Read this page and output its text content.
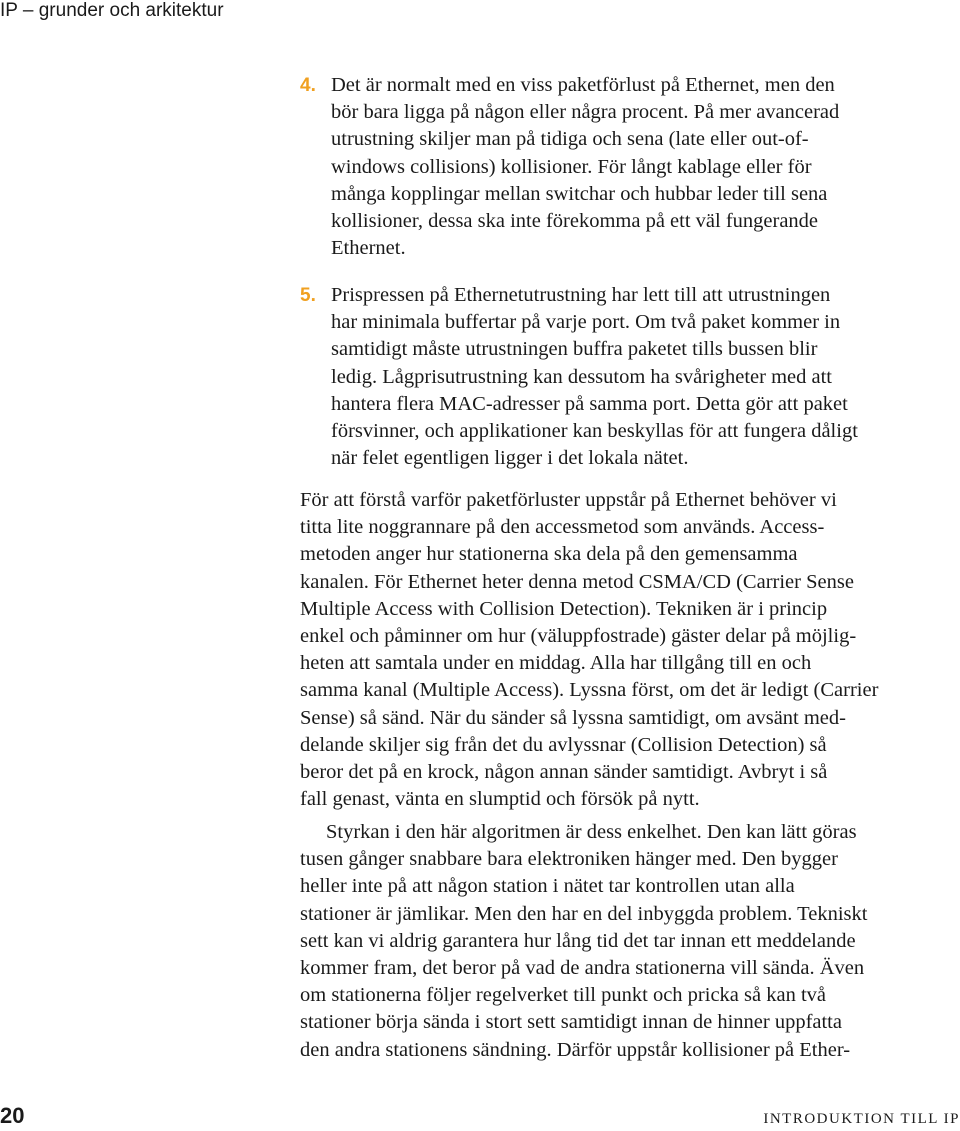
IP – grunder och arkitektur
4. Det är normalt med en viss paketförlust på Ethernet, men den
bör bara ligga på någon eller några procent. På mer avancerad
utrustning skiljer man på tidiga och sena (late eller out-of-
windows collisions) kollisioner. För långt kablage eller för
många kopplingar mellan switchar och hubbar leder till sena
kollisioner, dessa ska inte förekomma på ett väl fungerande
Ethernet.
5. Prispressen på Ethernetutrustning har lett till att utrustningen
har minimala buffertar på varje port. Om två paket kommer in
samtidigt måste utrustningen buffra paketet tills bussen blir
ledig. Lågprisutrustning kan dessutom ha svårigheter med att
hantera flera MAC-adresser på samma port. Detta gör att paket
försvinner, och applikationer kan beskyllas för att fungera dåligt
när felet egentligen ligger i det lokala nätet.
För att förstå varför paketförluster uppstår på Ethernet behöver vi
titta lite noggrannare på den accessmetod som används. Access-
metoden anger hur stationerna ska dela på den gemensamma
kanalen. För Ethernet heter denna metod CSMA/CD (Carrier Sense
Multiple Access with Collision Detection). Tekniken är i princip
enkel och påminner om hur (väluppfostrade) gäster delar på möjlig-
heten att samtala under en middag. Alla har tillgång till en och
samma kanal (Multiple Access). Lyssna först, om det är ledigt (Carrier
Sense) så sänd. När du sänder så lyssna samtidigt, om avsänt med-
delande skiljer sig från det du avlyssnar (Collision Detection) så
beror det på en krock, någon annan sänder samtidigt. Avbryt i så
fall genast, vänta en slumptid och försök på nytt.
Styrkan i den här algoritmen är dess enkelhet. Den kan lätt göras
tusen gånger snabbare bara elektroniken hänger med. Den bygger
heller inte på att någon station i nätet tar kontrollen utan alla
stationer är jämlikar. Men den har en del inbyggda problem. Tekniskt
sett kan vi aldrig garantera hur lång tid det tar innan ett meddelande
kommer fram, det beror på vad de andra stationerna vill sända. Även
om stationerna följer regelverket till punkt och pricka så kan två
stationer börja sända i stort sett samtidigt innan de hinner uppfatta
den andra stationens sändning. Därför uppstår kollisioner på Ether-
20	INTRODUKTION TILL IP
